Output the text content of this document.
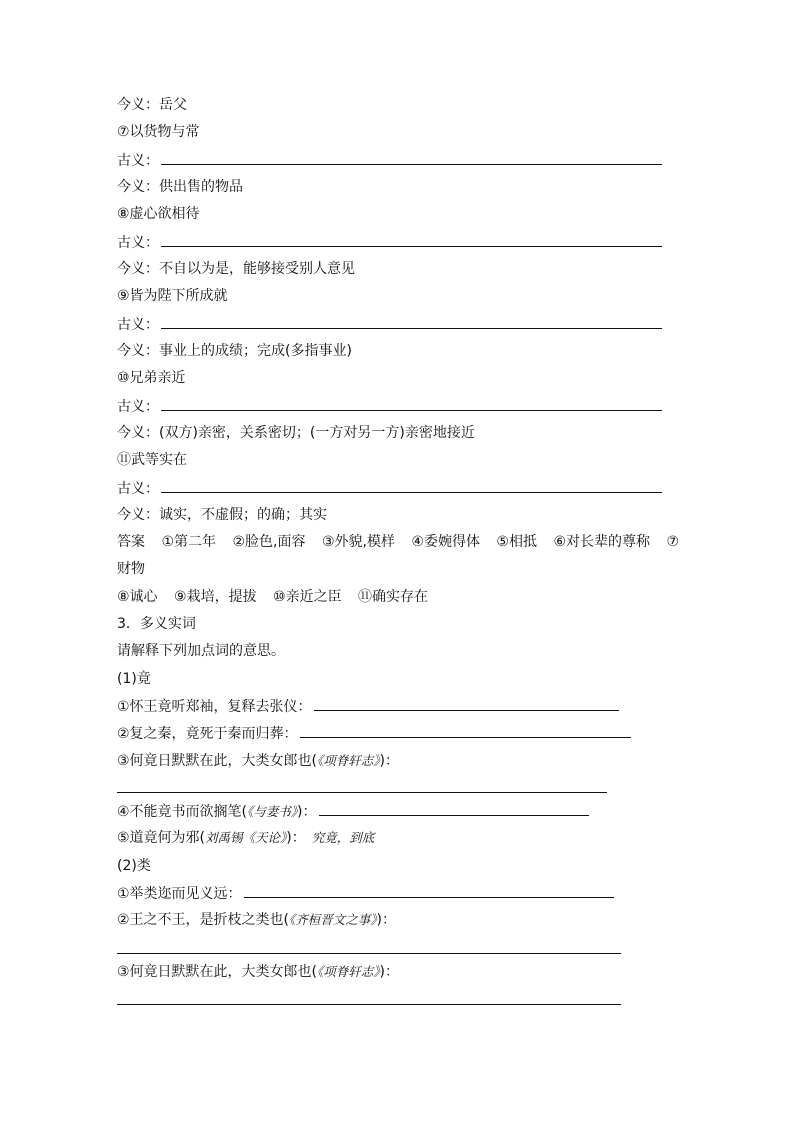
今义：岳父
⑦以货物与常
古义：
今义：供出售的物品
⑧虚心欲相待
古义：
今义：不自以为是，能够接受别人意见
⑨皆为陛下所成就
古义：
今义：事业上的成绩；完成(多指事业)
⑩兄弟亲近
古义：
今义：(双方)亲密，关系密切；(一方对另一方)亲密地接近
⑪武等实在
古义：
今义：诚实，不虚假；的确；其实
答案 ①第二年 ②脸色,面容 ③外貌,模样 ④委婉得体 ⑤相抵 ⑥对长辈的尊称 ⑦
财物
⑧诚心 ⑨栽培，提拔 ⑩亲近之臣 ⑪确实存在
3．多义实词
请解释下列加点词的意思。
(1)竟
①怀王竟听郑袖，复释去张仪：
②复之秦，竟死于秦而归葬：
③何竟日默默在此，大类女郎也(《项脊轩志》)：
④不能竟书而欲搁笔(《与妻书》)：
⑤道竟何为邪(刘禹锡《天论》)： 究竟，到底
(2)类
①举类迩而见义远：
②王之不王，是折枝之类也(《齐桓晋文之事》)：
③何竟日默默在此，大类女郎也(《项脊轩志》)：
